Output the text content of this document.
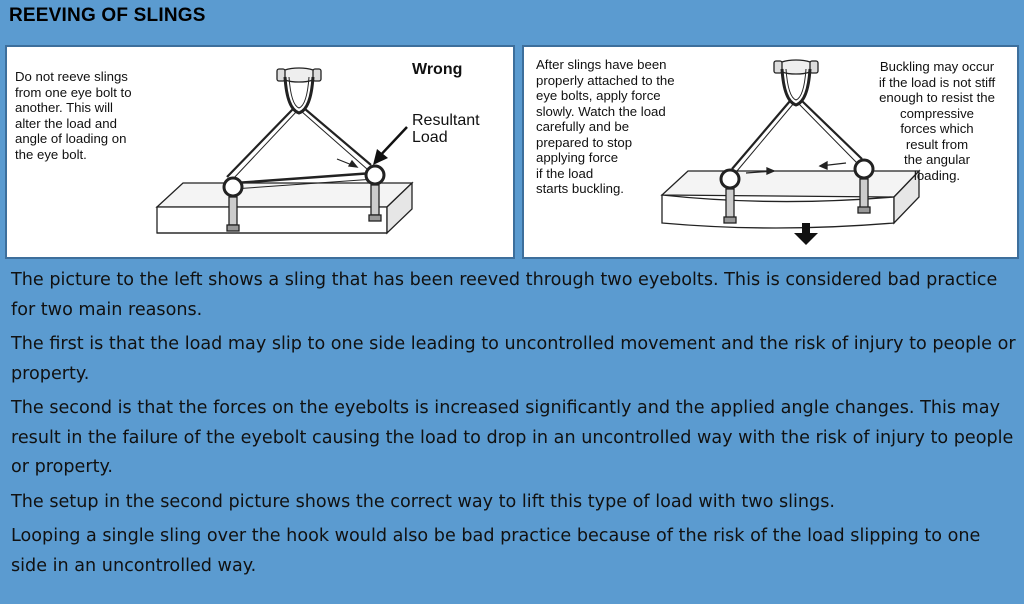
REEVING OF SLINGS
Do not reeve slings
from one eye bolt to
another. This will
alter the load and
angle of loading on
the eye bolt.
Wrong
Resultant
Load
After slings have been
properly attached to the
eye bolts, apply force
slowly. Watch the load
carefully and be
prepared to stop
applying force
if the load
starts buckling.
Buckling may occur
if the load is not stiff
enough to resist the
compressive
forces which
result from
the angular
loading.

The picture to the left shows a sling that has been reeved through two eyebolts. This is considered bad practice for two main reasons.

The first is that the load may slip to one side leading to uncontrolled movement and the risk of injury to people or property.

The second is that the forces on the eyebolts is increased significantly and the applied angle changes. This may result in the failure of the eyebolt causing the load to drop in an uncontrolled way with the risk of injury to people or property.

The setup in the second picture shows the correct way to lift this type of load with two slings.

Looping a single sling over the hook would also be bad practice because of the risk of the load slipping to one side in an uncontrolled way.
